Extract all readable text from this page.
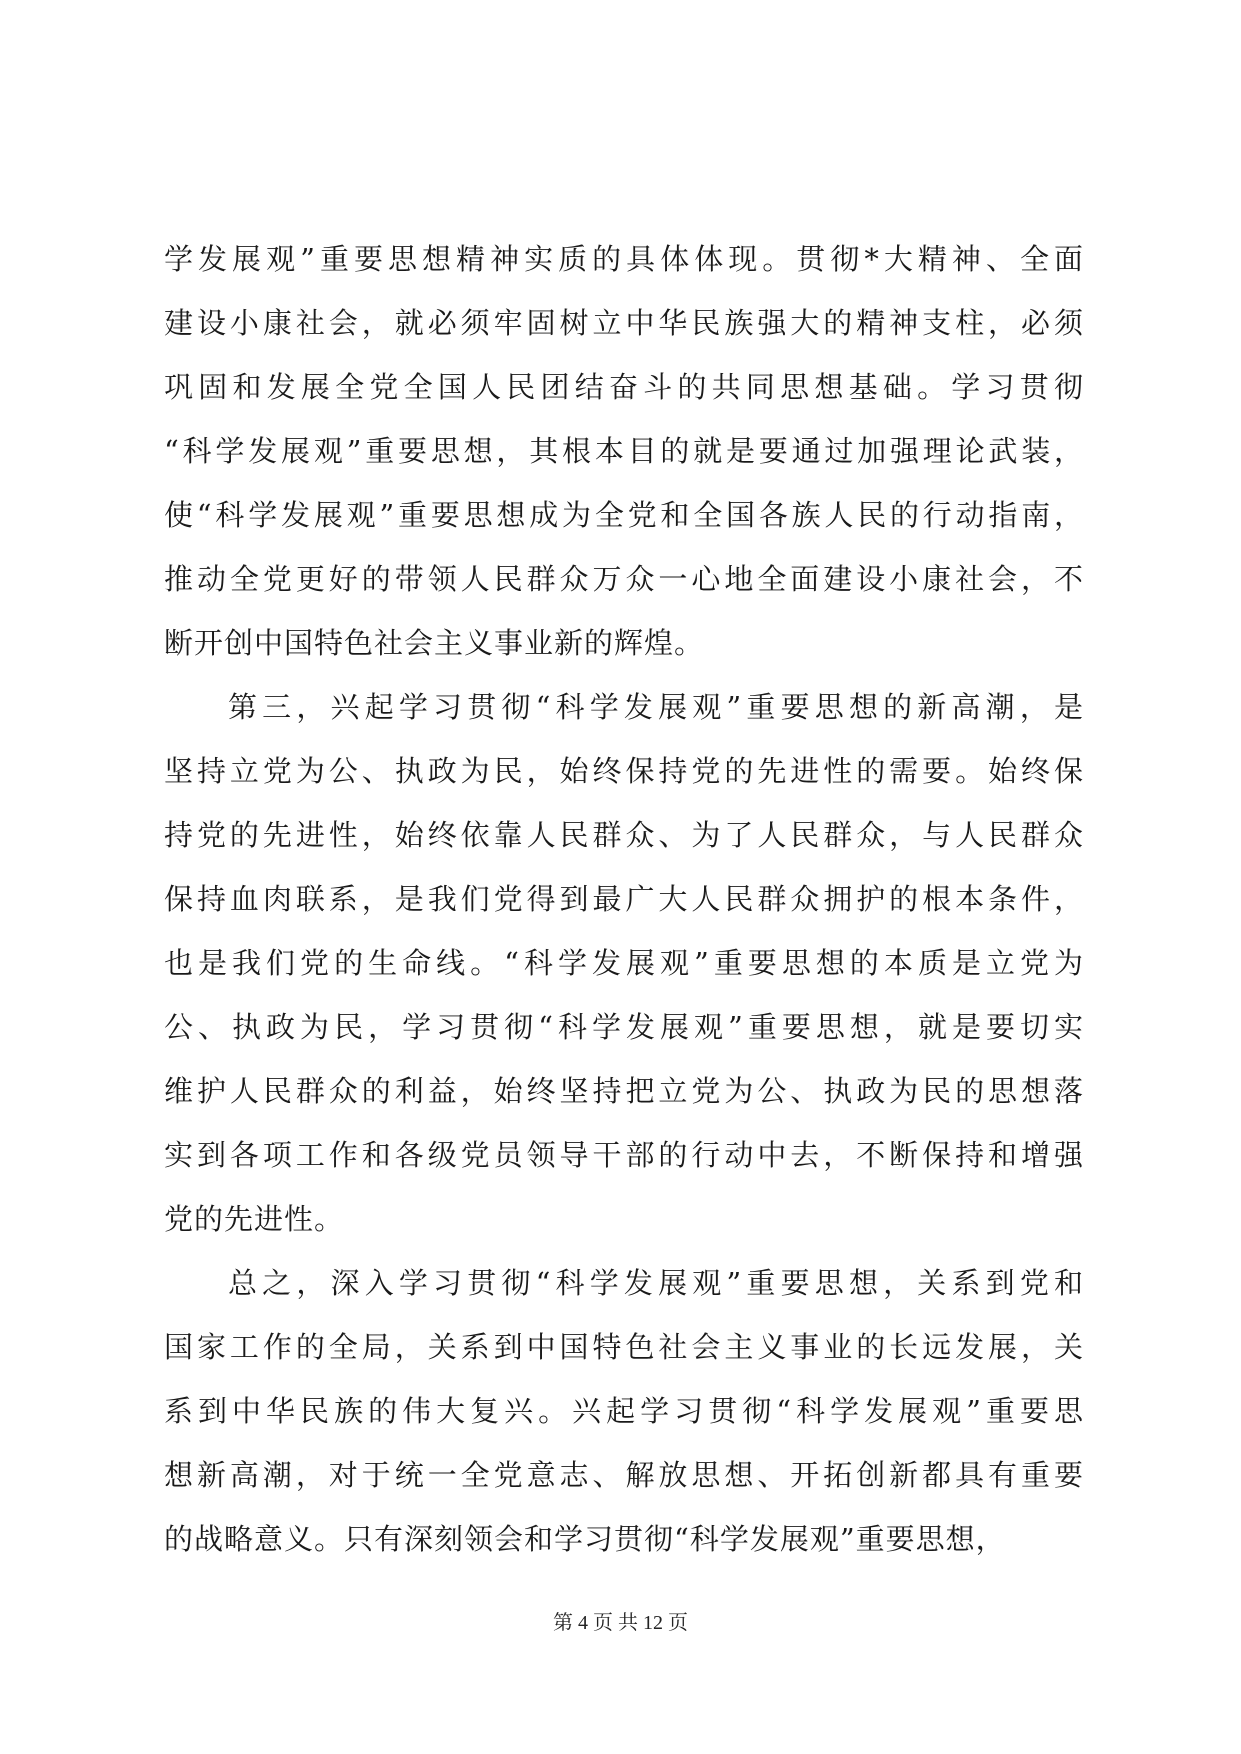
学发展观”重要思想精神实质的具体体现。贯彻*大精神、全面
建设小康社会，就必须牢固树立中华民族强大的精神支柱，必须
巩固和发展全党全国人民团结奋斗的共同思想基础。学习贯彻
“科学发展观”重要思想，其根本目的就是要通过加强理论武装，
使“科学发展观”重要思想成为全党和全国各族人民的行动指南，
推动全党更好的带领人民群众万众一心地全面建设小康社会，不
断开创中国特色社会主义事业新的辉煌。
第三，兴起学习贯彻“科学发展观”重要思想的新高潮，是
坚持立党为公、执政为民，始终保持党的先进性的需要。始终保
持党的先进性，始终依靠人民群众、为了人民群众，与人民群众
保持血肉联系，是我们党得到最广大人民群众拥护的根本条件，
也是我们党的生命线。“科学发展观”重要思想的本质是立党为
公、执政为民，学习贯彻“科学发展观”重要思想，就是要切实
维护人民群众的利益，始终坚持把立党为公、执政为民的思想落
实到各项工作和各级党员领导干部的行动中去，不断保持和增强
党的先进性。
总之，深入学习贯彻“科学发展观”重要思想，关系到党和
国家工作的全局，关系到中国特色社会主义事业的长远发展，关
系到中华民族的伟大复兴。兴起学习贯彻“科学发展观”重要思
想新高潮，对于统一全党意志、解放思想、开拓创新都具有重要
的战略意义。只有深刻领会和学习贯彻“科学发展观”重要思想，
第 4 页 共 12 页
